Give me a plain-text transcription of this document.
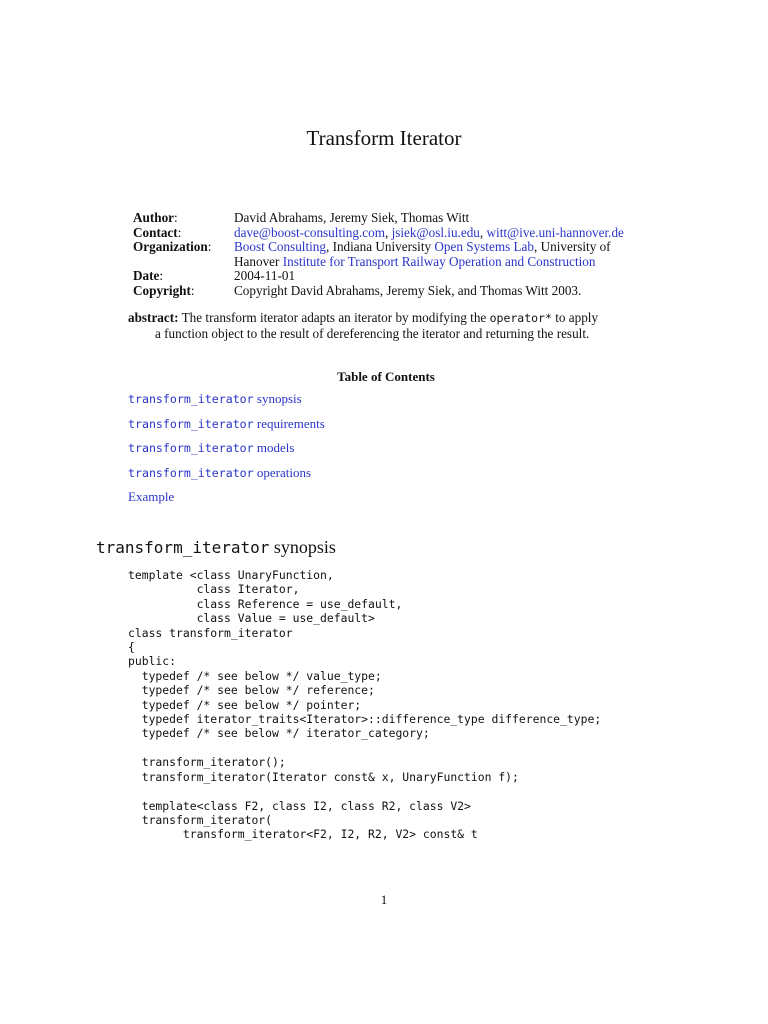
Transform Iterator
Author:	David Abrahams, Jeremy Siek, Thomas Witt
Contact:	dave@boost-consulting.com, jsiek@osl.iu.edu, witt@ive.uni-hannover.de
Organization:	Boost Consulting, Indiana University Open Systems Lab, University of Hanover Institute for Transport Railway Operation and Construction
Date:	2004-11-01
Copyright:	Copyright David Abrahams, Jeremy Siek, and Thomas Witt 2003.
abstract: The transform iterator adapts an iterator by modifying the operator* to apply
a function object to the result of dereferencing the iterator and returning the result.
Table of Contents
transform_iterator synopsis
transform_iterator requirements
transform_iterator models
transform_iterator operations
Example
transform_iterator synopsis
template <class UnaryFunction,
class Iterator,
class Reference = use_default,
class Value = use_default>
class transform_iterator
{
public:
typedef /* see below */ value_type;
typedef /* see below */ reference;
typedef /* see below */ pointer;
typedef iterator_traits<Iterator>::difference_type difference_type;
typedef /* see below */ iterator_category;

transform_iterator();
transform_iterator(Iterator const& x, UnaryFunction f);

template<class F2, class I2, class R2, class V2>
transform_iterator(
transform_iterator<F2, I2, R2, V2> const& t
1
